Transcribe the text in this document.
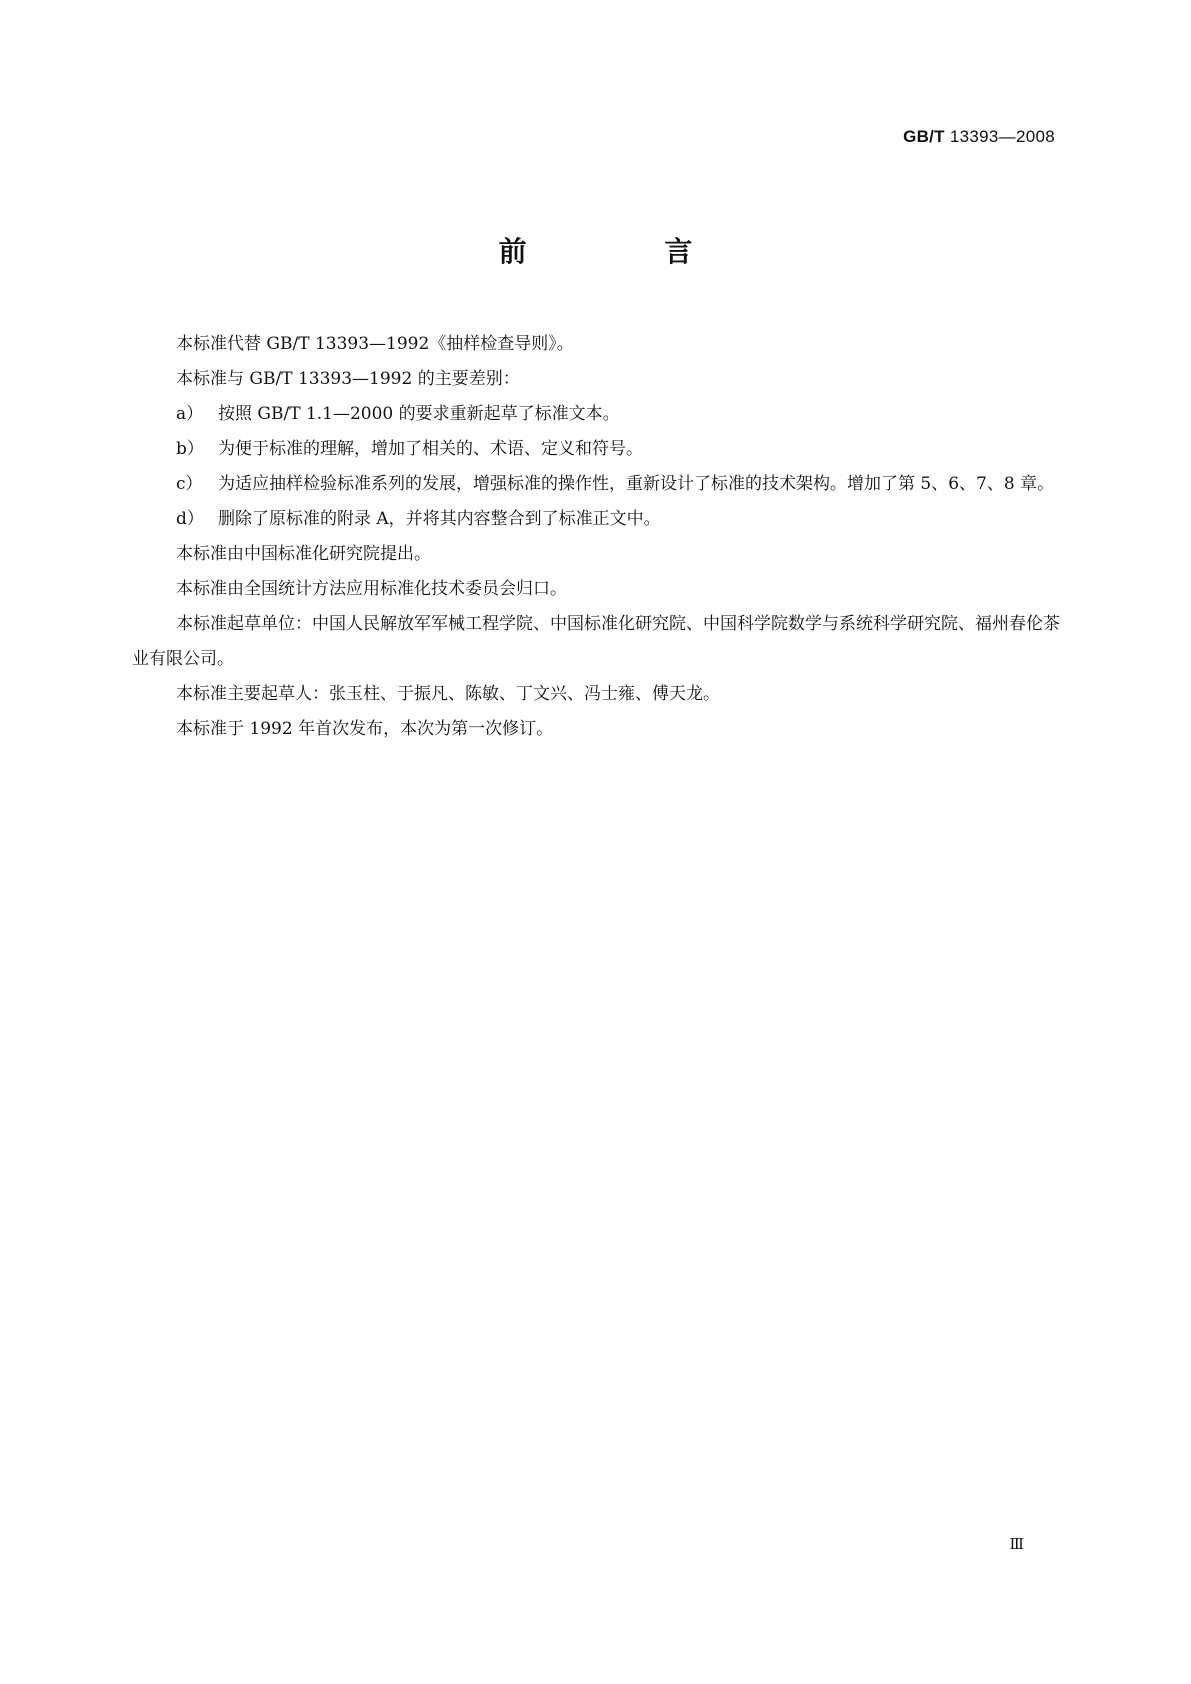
GB/T 13393—2008
前 言

本标准代替 GB/T 13393—1992《抽样检查导则》。

本标准与 GB/T 13393—1992 的主要差别：

a） 按照 GB/T 1.1—2000 的要求重新起草了标准文本。
b） 为便于标准的理解，增加了相关的、术语、定义和符号。
c） 为适应抽样检验标准系列的发展，增强标准的操作性，重新设计了标准的技术架构。增加了第 5、6、7、8 章。
d） 删除了原标准的附录 A，并将其内容整合到了标准正文中。

本标准由中国标准化研究院提出。

本标准由全国统计方法应用标准化技术委员会归口。

本标准起草单位：中国人民解放军军械工程学院、中国标准化研究院、中国科学院数学与系统科学研究院、福州春伦茶业有限公司。

本标准主要起草人：张玉柱、于振凡、陈敏、丁文兴、冯士雍、傅天龙。

本标准于 1992 年首次发布，本次为第一次修订。

Ⅲ
